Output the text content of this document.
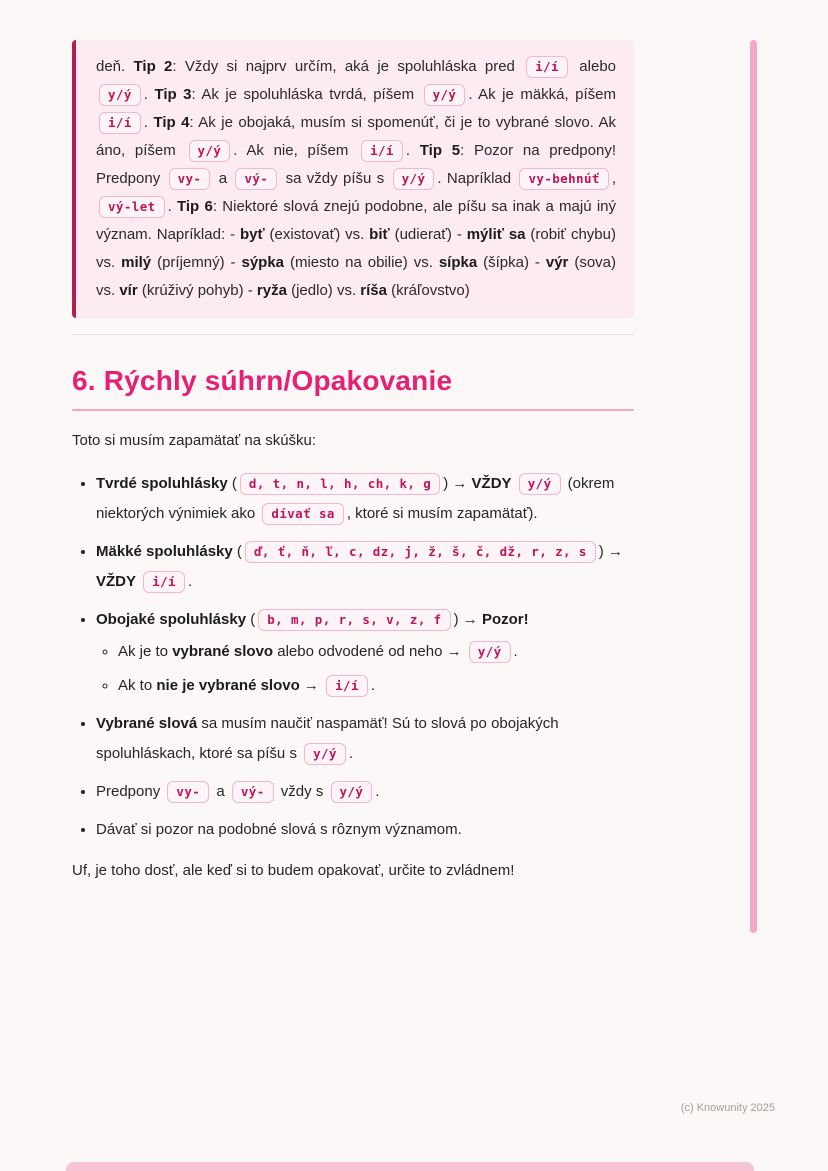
deň. Tip 2: Vždy si najprv určím, aká je spoluhláska pred i/í alebo y/ý . Tip 3: Ak je spoluhláska tvrdá, píšem y/ý . Ak je mäkká, píšem i/í . Tip 4: Ak je obojaká, musím si spomenúť, či je to vybrané slovo. Ak áno, píšem y/ý . Ak nie, píšem i/í . Tip 5: Pozor na predpony! Predpony vy- a vý- sa vždy píšu s y/ý . Napríklad vy-behnúť , vý-let . Tip 6: Niektoré slová znejú podobne, ale píšu sa inak a majú iný význam. Napríklad: - byť (existovať) vs. biť (udierať) - mýliť sa (robiť chybu) vs. milý (príjemný) - sýpka (miesto na obilie) vs. sípka (šípka) - výr (sova) vs. vír (krúživý pohyb) - ryža (jedlo) vs. ríša (kráľovstvo)

6. Rýchly súhrn/Opakovanie

Toto si musím zapamätať na skúšku:

• Tvrdé spoluhlásky ( d, t, n, l, h, ch, k, g ) → VŽDY y/ý (okrem niektorých výnimiek ako dívať sa , ktoré si musím zapamätať).
• Mäkké spoluhlásky ( ď, ť, ň, ľ, c, dz, j, ž, š, č, dž, r, z, s ) → VŽDY i/í .
• Obojaké spoluhlásky ( b, m, p, r, s, v, z, f ) → Pozor!
◦ Ak je to vybrané slovo alebo odvodené od neho → y/ý .
◦ Ak to nie je vybrané slovo → i/í .
• Vybrané slová sa musím naučiť naspamäť! Sú to slová po obojakých spoluhláskach, ktoré sa píšu s y/ý .
• Predpony vy- a vý- vždy s y/ý .
• Dávať si pozor na podobné slová s rôznym významom.

Uf, je toho dosť, ale keď si to budem opakovať, určite to zvládnem!

(c) Knowunity 2025
